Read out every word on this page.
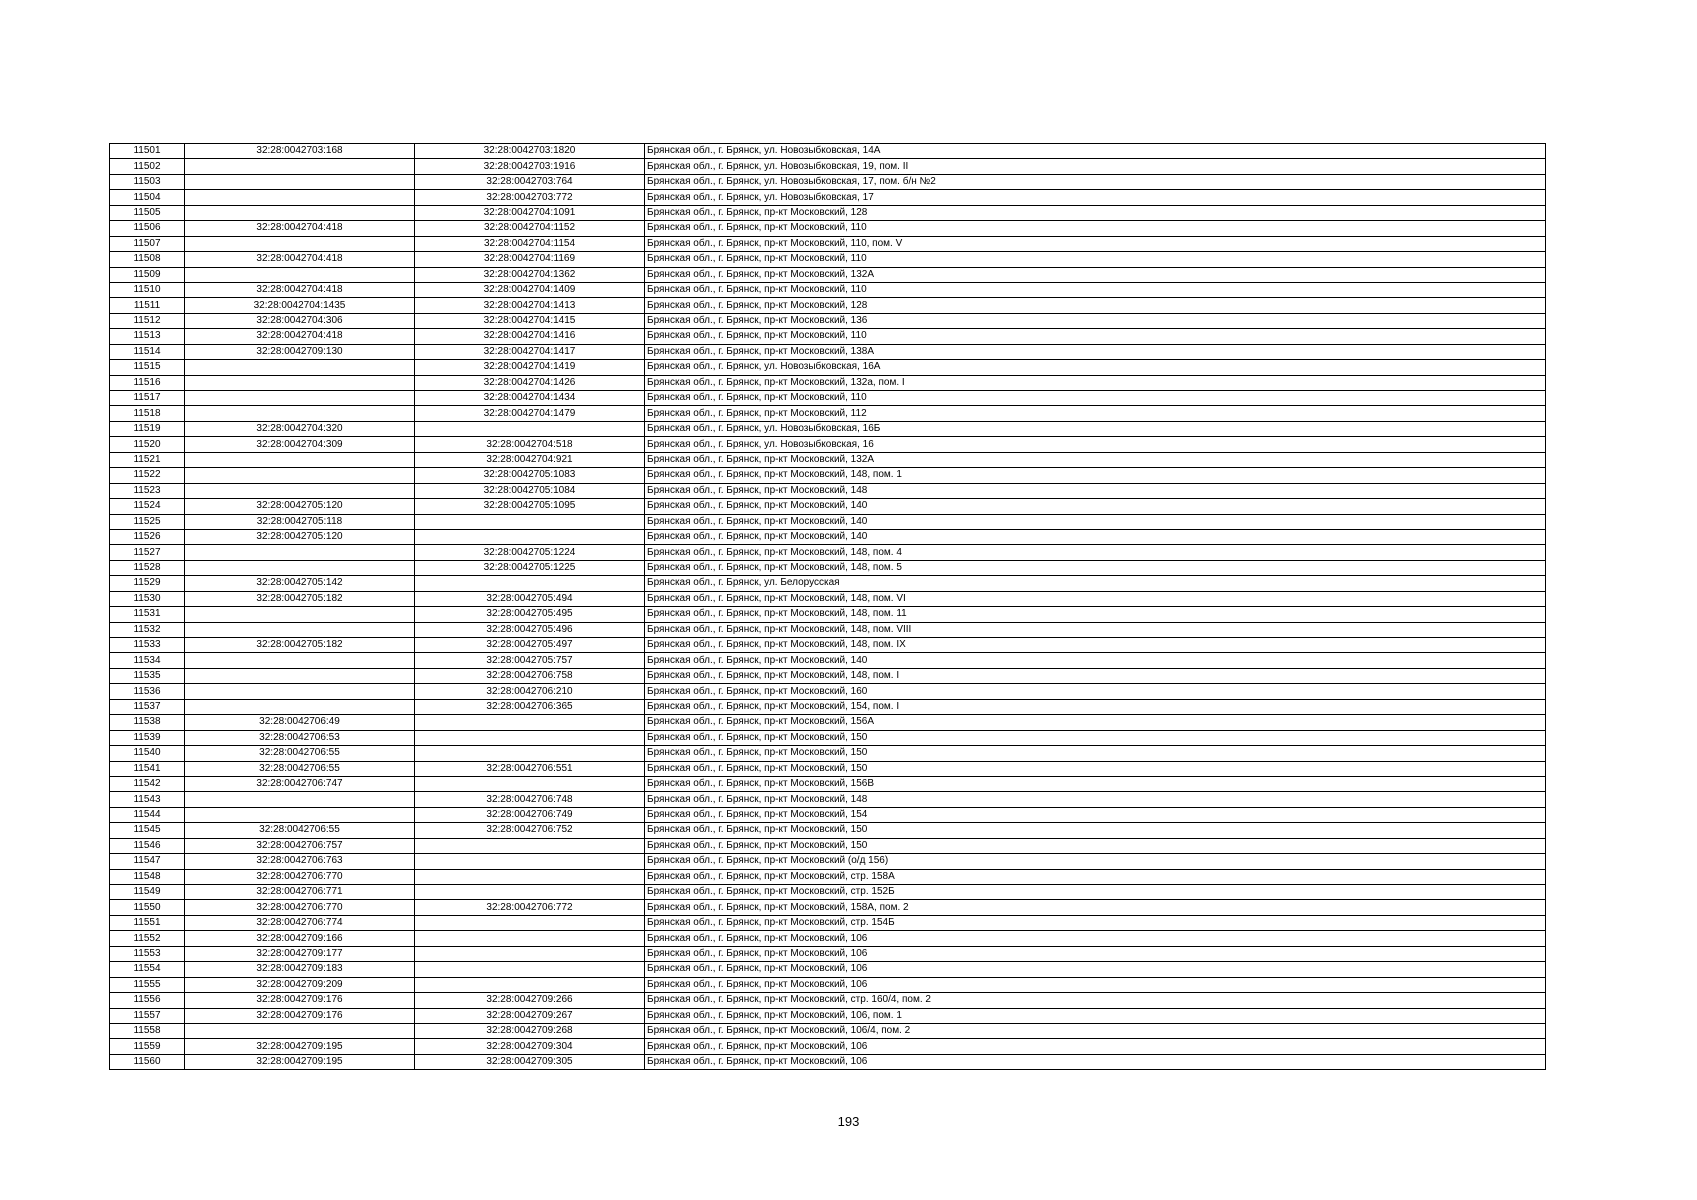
11501	32:28:0042703:168	32:28:0042703:1820	Брянская обл., г. Брянск, ул. Новозыбковская, 14А
11502		32:28:0042703:1916	Брянская обл., г. Брянск, ул. Новозыбковская, 19, пом. II
11503		32:28:0042703:764	Брянская обл., г. Брянск, ул. Новозыбковская, 17, пом. б/н №2
11504		32:28:0042703:772	Брянская обл., г. Брянск, ул. Новозыбковская, 17
11505		32:28:0042704:1091	Брянская обл., г. Брянск, пр-кт Московский, 128
11506	32:28:0042704:418	32:28:0042704:1152	Брянская обл., г. Брянск, пр-кт Московский, 110
11507		32:28:0042704:1154	Брянская обл., г. Брянск, пр-кт Московский, 110, пом. V
11508	32:28:0042704:418	32:28:0042704:1169	Брянская обл., г. Брянск, пр-кт Московский, 110
11509		32:28:0042704:1362	Брянская обл., г. Брянск, пр-кт Московский, 132А
11510	32:28:0042704:418	32:28:0042704:1409	Брянская обл., г. Брянск, пр-кт Московский, 110
11511	32:28:0042704:1435	32:28:0042704:1413	Брянская обл., г. Брянск, пр-кт Московский, 128
11512	32:28:0042704:306	32:28:0042704:1415	Брянская обл., г. Брянск, пр-кт Московский, 136
11513	32:28:0042704:418	32:28:0042704:1416	Брянская обл., г. Брянск, пр-кт Московский, 110
11514	32:28:0042709:130	32:28:0042704:1417	Брянская обл., г. Брянск, пр-кт Московский, 138А
11515		32:28:0042704:1419	Брянская обл., г. Брянск, ул. Новозыбковская, 16А
11516		32:28:0042704:1426	Брянская обл., г. Брянск, пр-кт Московский, 132а, пом. I
11517		32:28:0042704:1434	Брянская обл., г. Брянск, пр-кт Московский, 110
11518		32:28:0042704:1479	Брянская обл., г. Брянск, пр-кт Московский, 112
11519	32:28:0042704:320		Брянская обл., г. Брянск, ул. Новозыбковская, 16Б
11520	32:28:0042704:309	32:28:0042704:518	Брянская обл., г. Брянск, ул. Новозыбковская, 16
11521		32:28:0042704:921	Брянская обл., г. Брянск, пр-кт Московский, 132А
11522		32:28:0042705:1083	Брянская обл., г. Брянск, пр-кт Московский, 148, пом. 1
11523		32:28:0042705:1084	Брянская обл., г. Брянск, пр-кт Московский, 148
11524	32:28:0042705:120	32:28:0042705:1095	Брянская обл., г. Брянск, пр-кт Московский, 140
11525	32:28:0042705:118		Брянская обл., г. Брянск, пр-кт Московский, 140
11526	32:28:0042705:120		Брянская обл., г. Брянск, пр-кт Московский, 140
11527		32:28:0042705:1224	Брянская обл., г. Брянск, пр-кт Московский, 148, пом. 4
11528		32:28:0042705:1225	Брянская обл., г. Брянск, пр-кт Московский, 148, пом. 5
11529	32:28:0042705:142		Брянская обл., г. Брянск, ул. Белорусская
11530	32:28:0042705:182	32:28:0042705:494	Брянская обл., г. Брянск, пр-кт Московский, 148, пом. VI
11531		32:28:0042705:495	Брянская обл., г. Брянск, пр-кт Московский, 148, пом. 11
11532		32:28:0042705:496	Брянская обл., г. Брянск, пр-кт Московский, 148, пом. VIII
11533	32:28:0042705:182	32:28:0042705:497	Брянская обл., г. Брянск, пр-кт Московский, 148, пом. IX
11534		32:28:0042705:757	Брянская обл., г. Брянск, пр-кт Московский, 140
11535		32:28:0042706:758	Брянская обл., г. Брянск, пр-кт Московский, 148, пом. I
11536		32:28:0042706:210	Брянская обл., г. Брянск, пр-кт Московский, 160
11537		32:28:0042706:365	Брянская обл., г. Брянск, пр-кт Московский, 154, пом. I
11538	32:28:0042706:49		Брянская обл., г. Брянск, пр-кт Московский, 156А
11539	32:28:0042706:53		Брянская обл., г. Брянск, пр-кт Московский, 150
11540	32:28:0042706:55		Брянская обл., г. Брянск, пр-кт Московский, 150
11541	32:28:0042706:55	32:28:0042706:551	Брянская обл., г. Брянск, пр-кт Московский, 150
11542	32:28:0042706:747		Брянская обл., г. Брянск, пр-кт Московский, 156В
11543		32:28:0042706:748	Брянская обл., г. Брянск, пр-кт Московский, 148
11544		32:28:0042706:749	Брянская обл., г. Брянск, пр-кт Московский, 154
11545	32:28:0042706:55	32:28:0042706:752	Брянская обл., г. Брянск, пр-кт Московский, 150
11546	32:28:0042706:757		Брянская обл., г. Брянск, пр-кт Московский, 150
11547	32:28:0042706:763		Брянская обл., г. Брянск, пр-кт Московский (о/д 156)
11548	32:28:0042706:770		Брянская обл., г. Брянск, пр-кт Московский, стр. 158А
11549	32:28:0042706:771		Брянская обл., г. Брянск, пр-кт Московский, стр. 152Б
11550	32:28:0042706:770	32:28:0042706:772	Брянская обл., г. Брянск, пр-кт Московский, 158А, пом. 2
11551	32:28:0042706:774		Брянская обл., г. Брянск, пр-кт Московский, стр. 154Б
11552	32:28:0042709:166		Брянская обл., г. Брянск, пр-кт Московский, 106
11553	32:28:0042709:177		Брянская обл., г. Брянск, пр-кт Московский, 106
11554	32:28:0042709:183		Брянская обл., г. Брянск, пр-кт Московский, 106
11555	32:28:0042709:209		Брянская обл., г. Брянск, пр-кт Московский, 106
11556	32:28:0042709:176	32:28:0042709:266	Брянская обл., г. Брянск, пр-кт Московский, стр. 160/4, пом. 2
11557	32:28:0042709:176	32:28:0042709:267	Брянская обл., г. Брянск, пр-кт Московский, 106, пом. 1
11558		32:28:0042709:268	Брянская обл., г. Брянск, пр-кт Московский, 106/4, пом. 2
11559	32:28:0042709:195	32:28:0042709:304	Брянская обл., г. Брянск, пр-кт Московский, 106
11560	32:28:0042709:195	32:28:0042709:305	Брянская обл., г. Брянск, пр-кт Московский, 106
193
